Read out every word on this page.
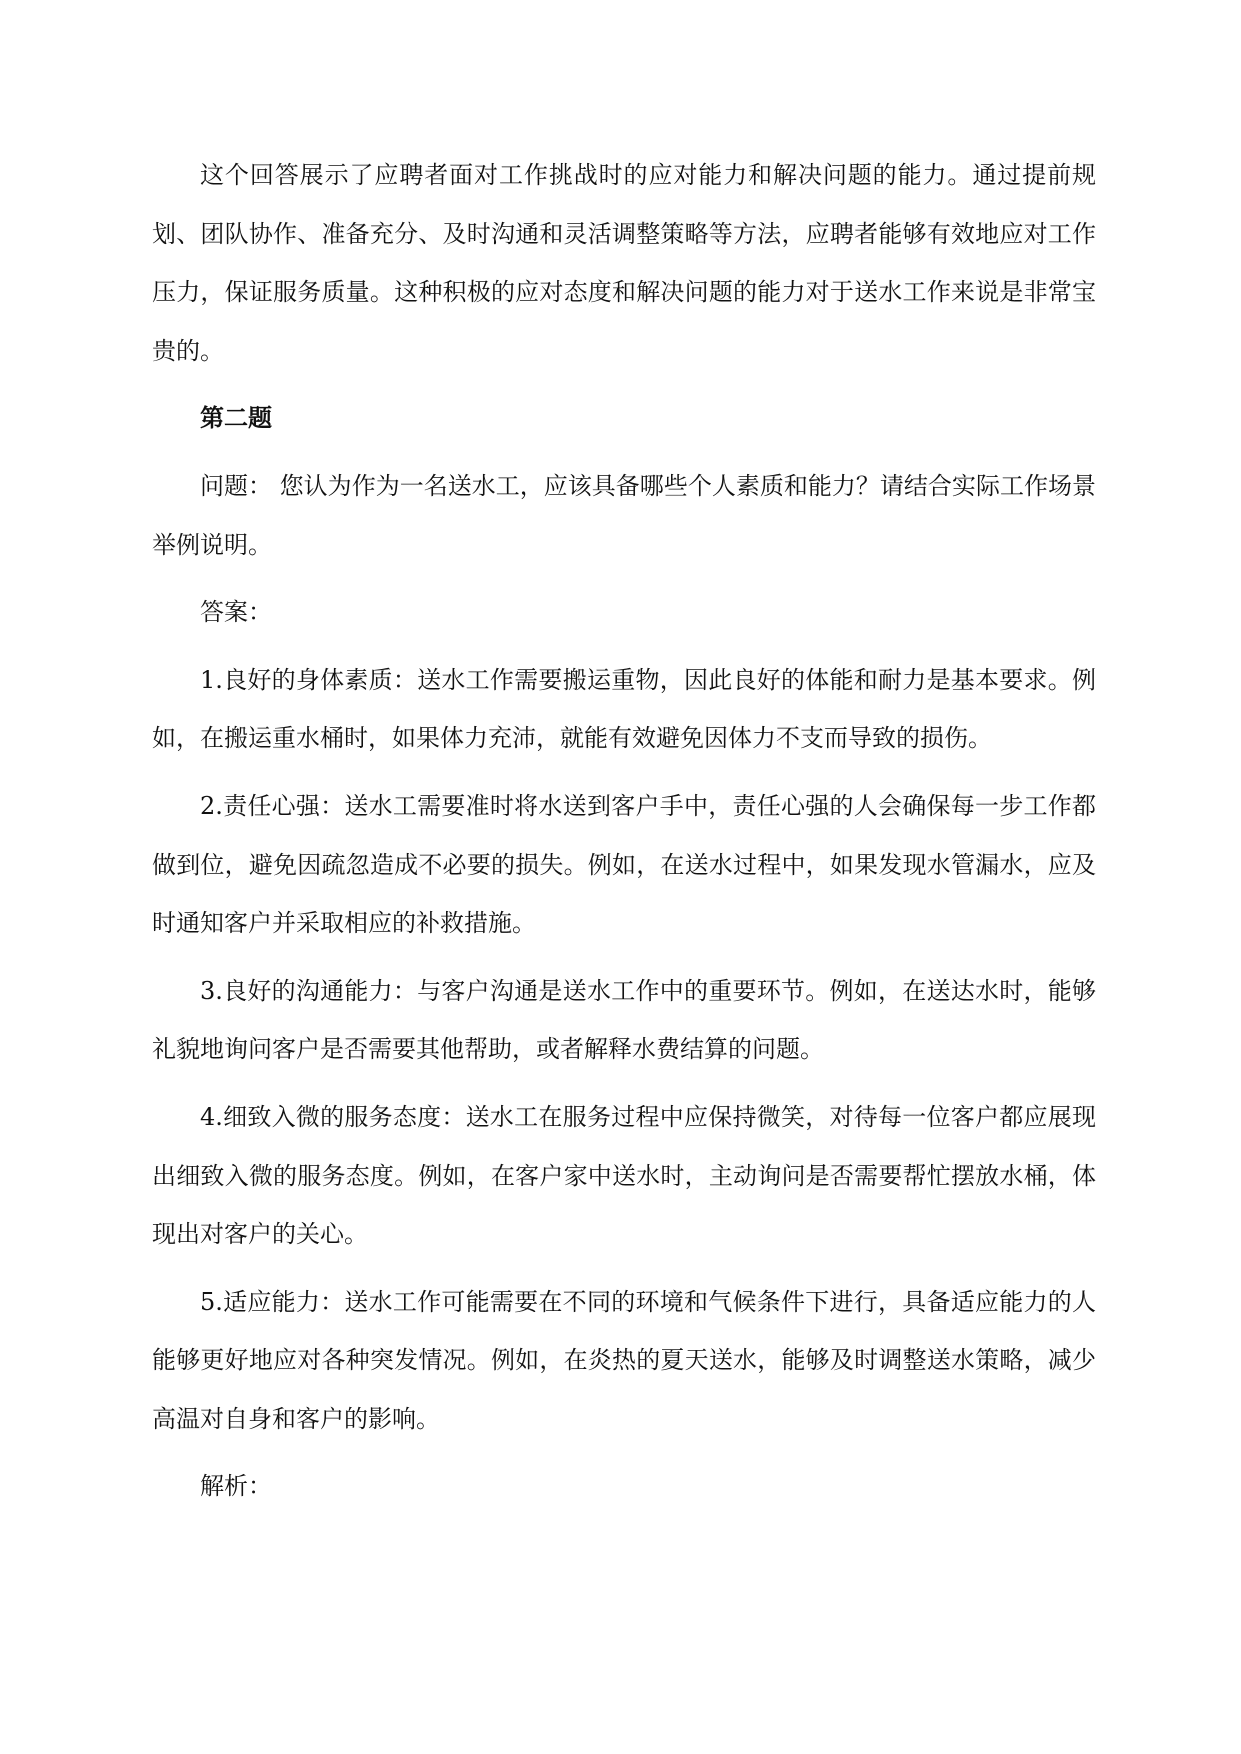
这个回答展示了应聘者面对工作挑战时的应对能力和解决问题的能力。通过提前规划、团队协作、准备充分、及时沟通和灵活调整策略等方法，应聘者能够有效地应对工作压力，保证服务质量。这种积极的应对态度和解决问题的能力对于送水工作来说是非常宝贵的。

第二题

问题： 您认为作为一名送水工，应该具备哪些个人素质和能力？请结合实际工作场景举例说明。

答案：

1.良好的身体素质：送水工作需要搬运重物，因此良好的体能和耐力是基本要求。例如，在搬运重水桶时，如果体力充沛，就能有效避免因体力不支而导致的损伤。

2.责任心强：送水工需要准时将水送到客户手中，责任心强的人会确保每一步工作都做到位，避免因疏忽造成不必要的损失。例如，在送水过程中，如果发现水管漏水，应及时通知客户并采取相应的补救措施。

3.良好的沟通能力：与客户沟通是送水工作中的重要环节。例如，在送达水时，能够礼貌地询问客户是否需要其他帮助，或者解释水费结算的问题。

4.细致入微的服务态度：送水工在服务过程中应保持微笑，对待每一位客户都应展现出细致入微的服务态度。例如，在客户家中送水时，主动询问是否需要帮忙摆放水桶，体现出对客户的关心。

5.适应能力：送水工作可能需要在不同的环境和气候条件下进行，具备适应能力的人能够更好地应对各种突发情况。例如，在炎热的夏天送水，能够及时调整送水策略，减少高温对自身和客户的影响。

解析：
